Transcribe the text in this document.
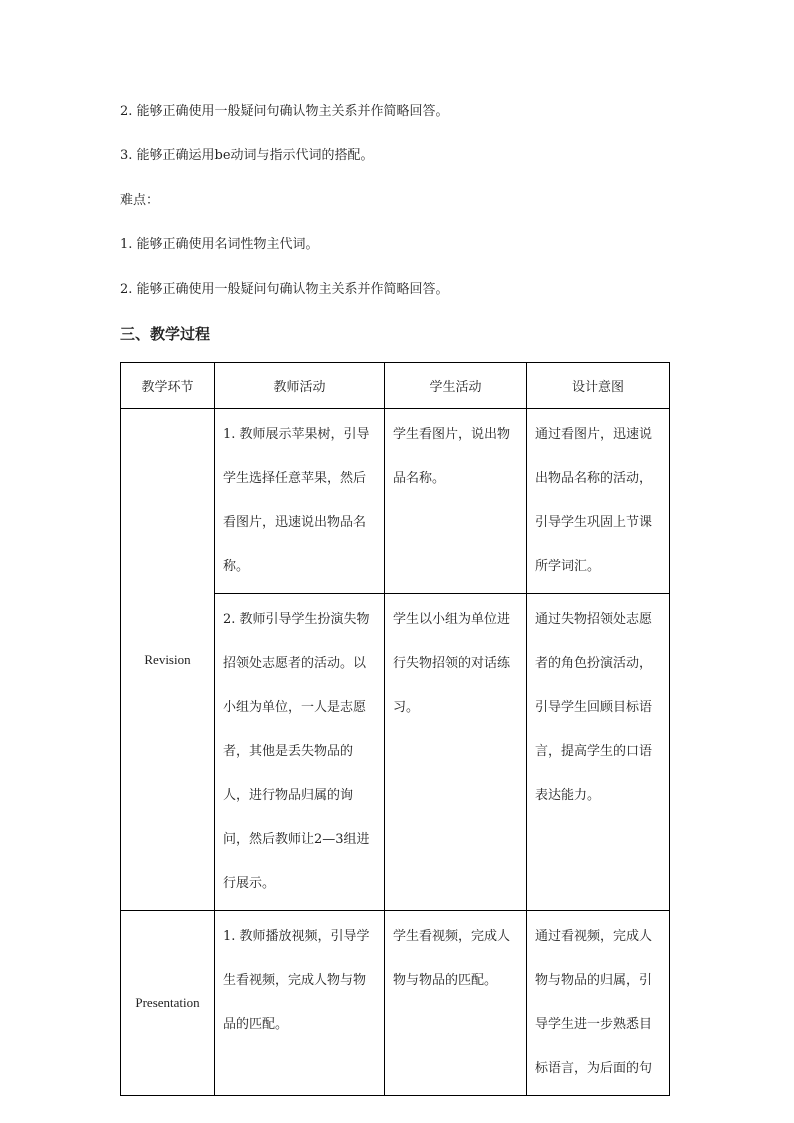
2. 能够正确使用一般疑问句确认物主关系并作简略回答。
3. 能够正确运用be动词与指示代词的搭配。
难点：
1. 能够正确使用名词性物主代词。
2. 能够正确使用一般疑问句确认物主关系并作简略回答。
三、教学过程
教学环节	教师活动	学生活动	设计意图
Revision	1. 教师展示苹果树，引导学生选择任意苹果，然后看图片，迅速说出物品名称。	学生看图片，说出物品名称。	通过看图片，迅速说出物品名称的活动，引导学生巩固上节课所学词汇。

	2. 教师引导学生扮演失物招领处志愿者的活动。以小组为单位，一人是志愿者，其他是丢失物品的人，进行物品归属的询问，然后教师让2—3组进行展示。	学生以小组为单位进行失物招领的对话练习。	通过失物招领处志愿者的角色扮演活动，引导学生回顾目标语言，提高学生的口语表达能力。

Presentation	1. 教师播放视频，引导学生看视频，完成人物与物品的匹配。	学生看视频，完成人物与物品的匹配。	通过看视频，完成人物与物品的归属，引导学生进一步熟悉目标语言，为后面的句
